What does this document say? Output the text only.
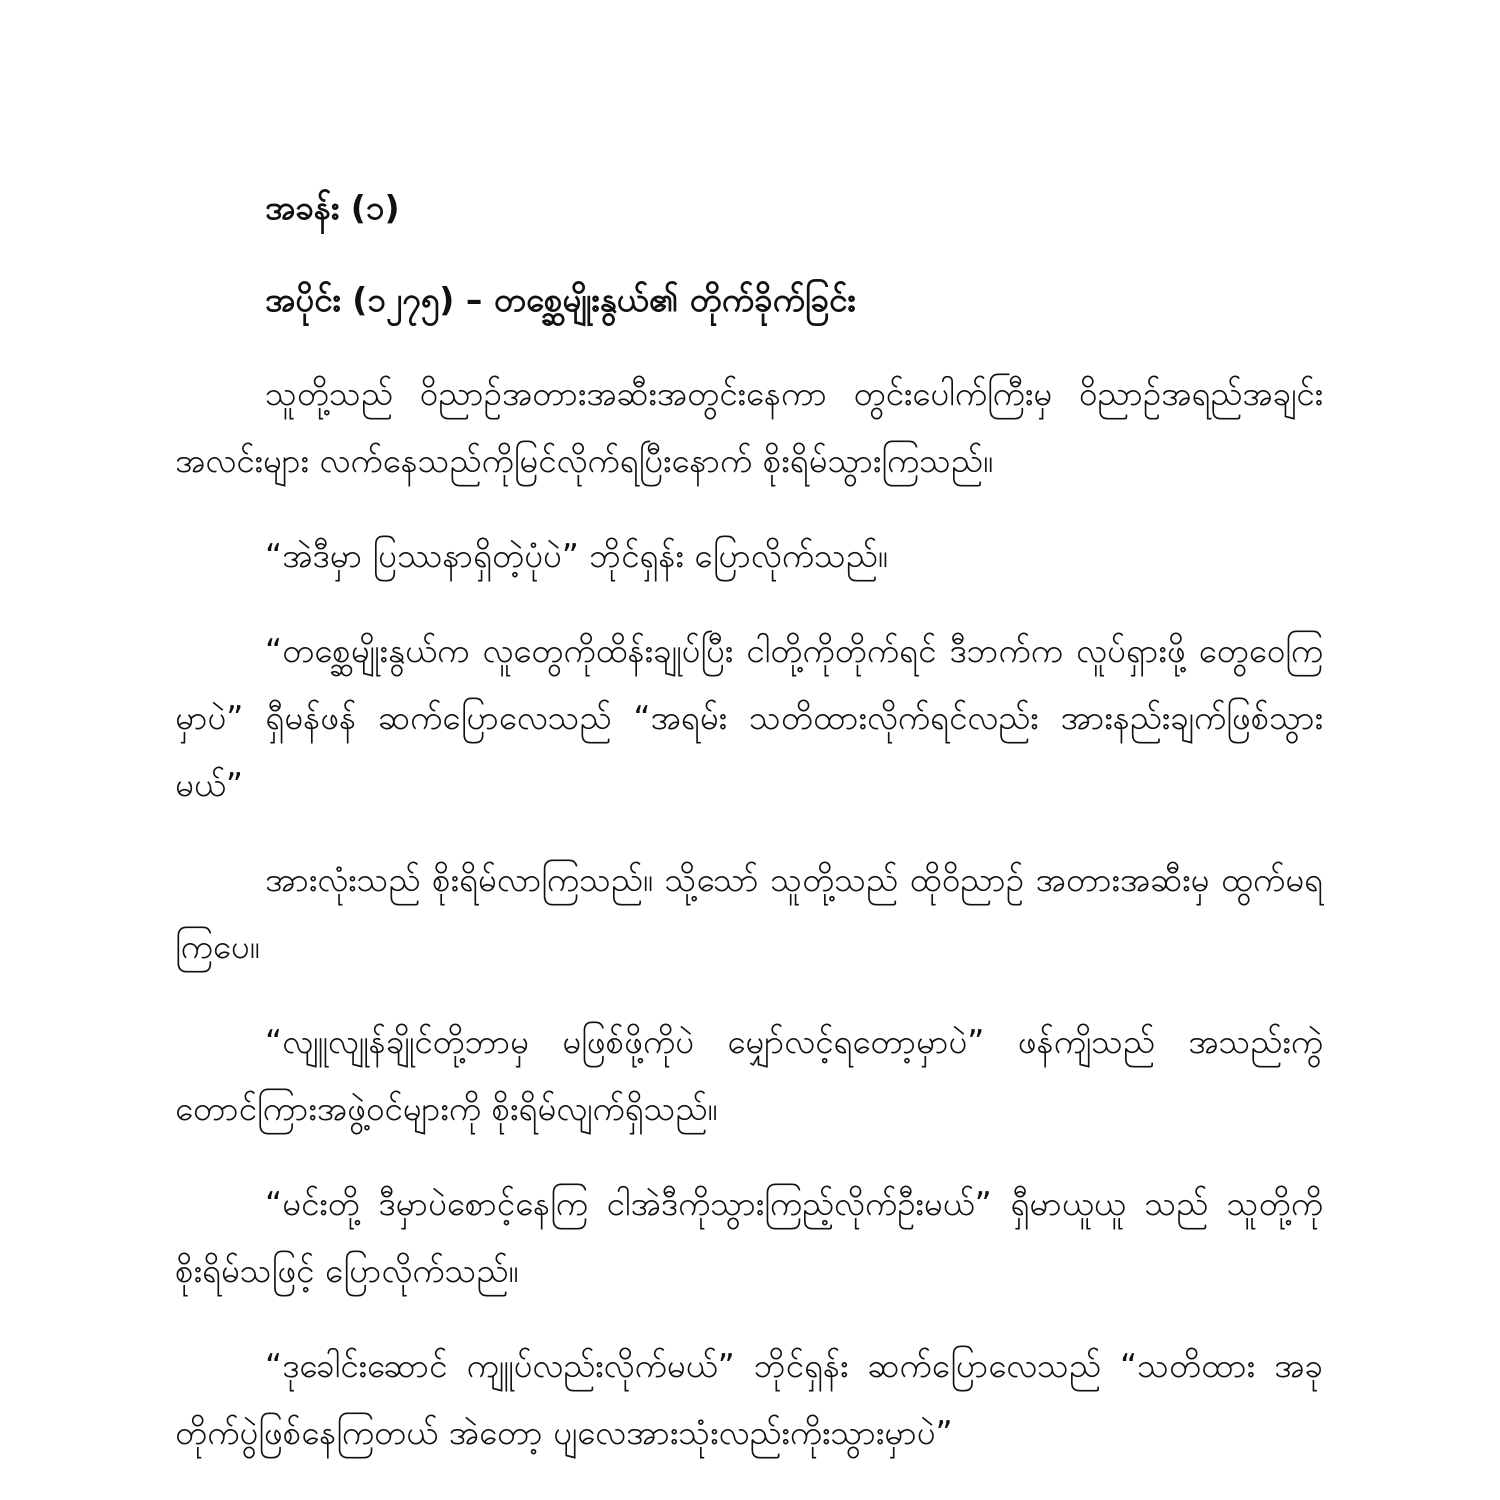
အခန်း (၁)
အပိုင်း (၁၂၇၅) – တစ္ဆေမျိုးနွယ်၏ တိုက်ခိုက်ခြင်း

သူတို့သည် ဝိညာဉ်အတားအဆီးအတွင်းနေကာ တွင်းပေါက်ကြီးမှ ဝိညာဉ်အရည်အချင်းအလင်းများ လက်နေသည်ကိုမြင်လိုက်ရပြီးနောက် စိုးရိမ်သွားကြသည်။

“အဲဒီမှာ ပြဿနာရှိတဲ့ပုံပဲ” ဘိုင်ရှန်း ပြောလိုက်သည်။

“တစ္ဆေမျိုးနွယ်က လူတွေကိုထိန်းချုပ်ပြီး ငါတို့ကိုတိုက်ရင် ဒီဘက်က လူပ်ရှားဖို့ တွေဝေကြမှာပဲ” ရှီမန်ဖန် ဆက်ပြောလေသည် “အရမ်း သတိထားလိုက်ရင်လည်း အားနည်းချက်ဖြစ်သွားမယ်”

အားလုံးသည် စိုးရိမ်လာကြသည်။ သို့သော် သူတို့သည် ထိုဝိညာဉ် အတားအဆီးမှ ထွက်မရကြပေ။

“လျူလျုန်ချိုင်တို့ဘာမှ မဖြစ်ဖို့ကိုပဲ မျှော်လင့်ရတော့မှာပဲ” ဖန်ကျိသည် အသည်းကွဲတောင်ကြားအဖွဲ့ဝင်များကို စိုးရိမ်လျက်ရှိသည်။

“မင်းတို့ ဒီမှာပဲစောင့်နေကြ ငါအဲဒီကိုသွားကြည့်လိုက်ဦးမယ်” ရှီမာယူယူ သည် သူတို့ကို စိုးရိမ်သဖြင့် ပြောလိုက်သည်။

“ဒုခေါင်းဆောင် ကျူပ်လည်းလိုက်မယ်” ဘိုင်ရှန်း ဆက်ပြောလေသည် “သတိထား အခုတိုက်ပွဲဖြစ်နေကြတယ် အဲတော့ ပျလေအားသုံးလည်းကိုးသွားမှာပဲ”
